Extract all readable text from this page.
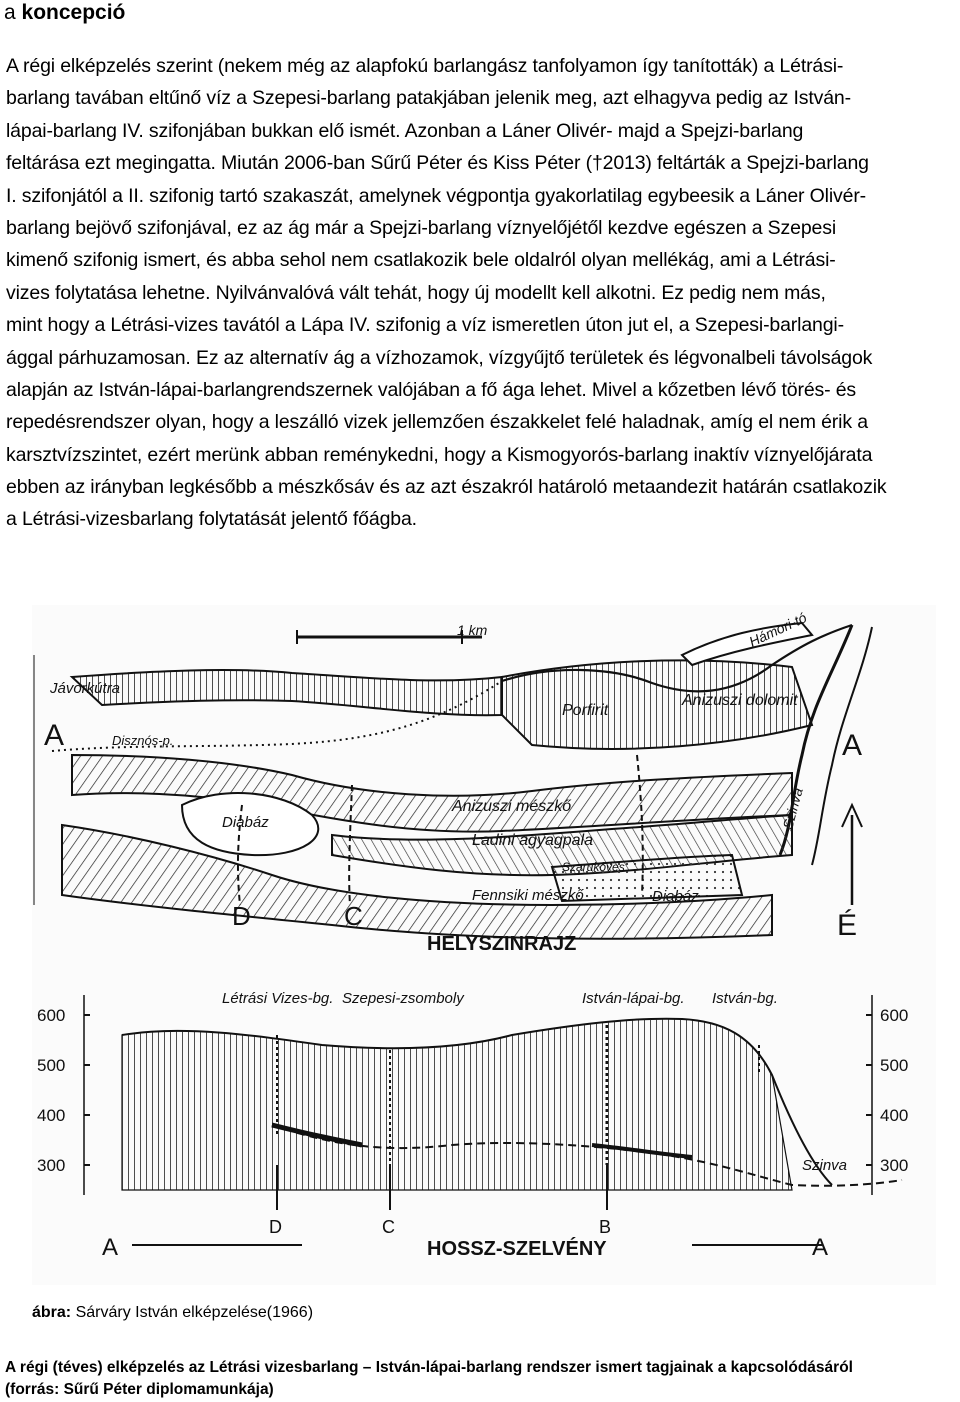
a koncepció
A régi elképzelés szerint (nekem még az alapfokú barlangász tanfolyamon így tanították) a Létrási-
barlang tavában eltűnő víz a Szepesi-barlang patakjában jelenik meg, azt elhagyva pedig az István-
lápai-barlang IV. szifonjában bukkan elő ismét. Azonban a Láner Olivér- majd a Spejzi-barlang
feltárása ezt megingatta. Miután 2006-ban Sűrű Péter és Kiss Péter (†2013) feltárták a Spejzi-barlang
I. szifonjától a II. szifonig tartó szakaszát, amelynek végpontja gyakorlatilag egybeesik a Láner Olivér-
barlang bejövő szifonjával, ez az ág már a Spejzi-barlang víznyelőjétől kezdve egészen a Szepesi
kimenő szifonig ismert, és abba sehol nem csatlakozik bele oldalról olyan mellékág, ami a Létrási-
vizes folytatása lehetne. Nyilvánvalóvá vált tehát, hogy új modellt kell alkotni. Ez pedig nem más,
mint hogy a Létrási-vizes tavától a Lápa IV. szifonig a víz ismeretlen úton jut el, a Szepesi-barlangi-
ággal párhuzamosan. Ez az alternatív ág a vízhozamok, vízgyűjtő területek és légvonalbeli távolságok
alapján az István-lápai-barlangrendszernek valójában a fő ága lehet. Mivel a kőzetben lévő törés- és
repedésrendszer olyan, hogy a leszálló vizek jellemzően északkelet felé haladnak, amíg el nem érik a
karsztvízszintet, ezért merünk abban reménykedni, hogy a Kismogyorós-barlang inaktív víznyelőjárata
ebben az irányban legkésőbb a mészkősáv és az azt északról határoló metaandezit határán csatlakozik
a Létrási-vizesbarlang folytatását jelentő főágba.
A	A
D	C	É
1 km
Jávorkútra
Disznós-p.
Hámori-tó
Porfirit
Anizuszi dolomit
Diabáz
Anizuszi mészkő
Ladini agyagpala
Szarukőves
Fennsiki mészkő	Diabáz
Szinva
HELYSZINRAJZ
Létrási Vizes-bg. Szepesi-zsomboly	István-lápai-bg. István-bg.
Szinva
600
500
400
300
600
500
400
300
A
D	C	B
A
HOSSZ-SZELVÉNY
ábra: Sárváry István elképzelése(1966)
A régi (téves) elképzelés az Létrási vizesbarlang – István-lápai-barlang rendszer ismert tagjainak a kapcsolódásáról
(forrás: Sűrű Péter diplomamunkája)
